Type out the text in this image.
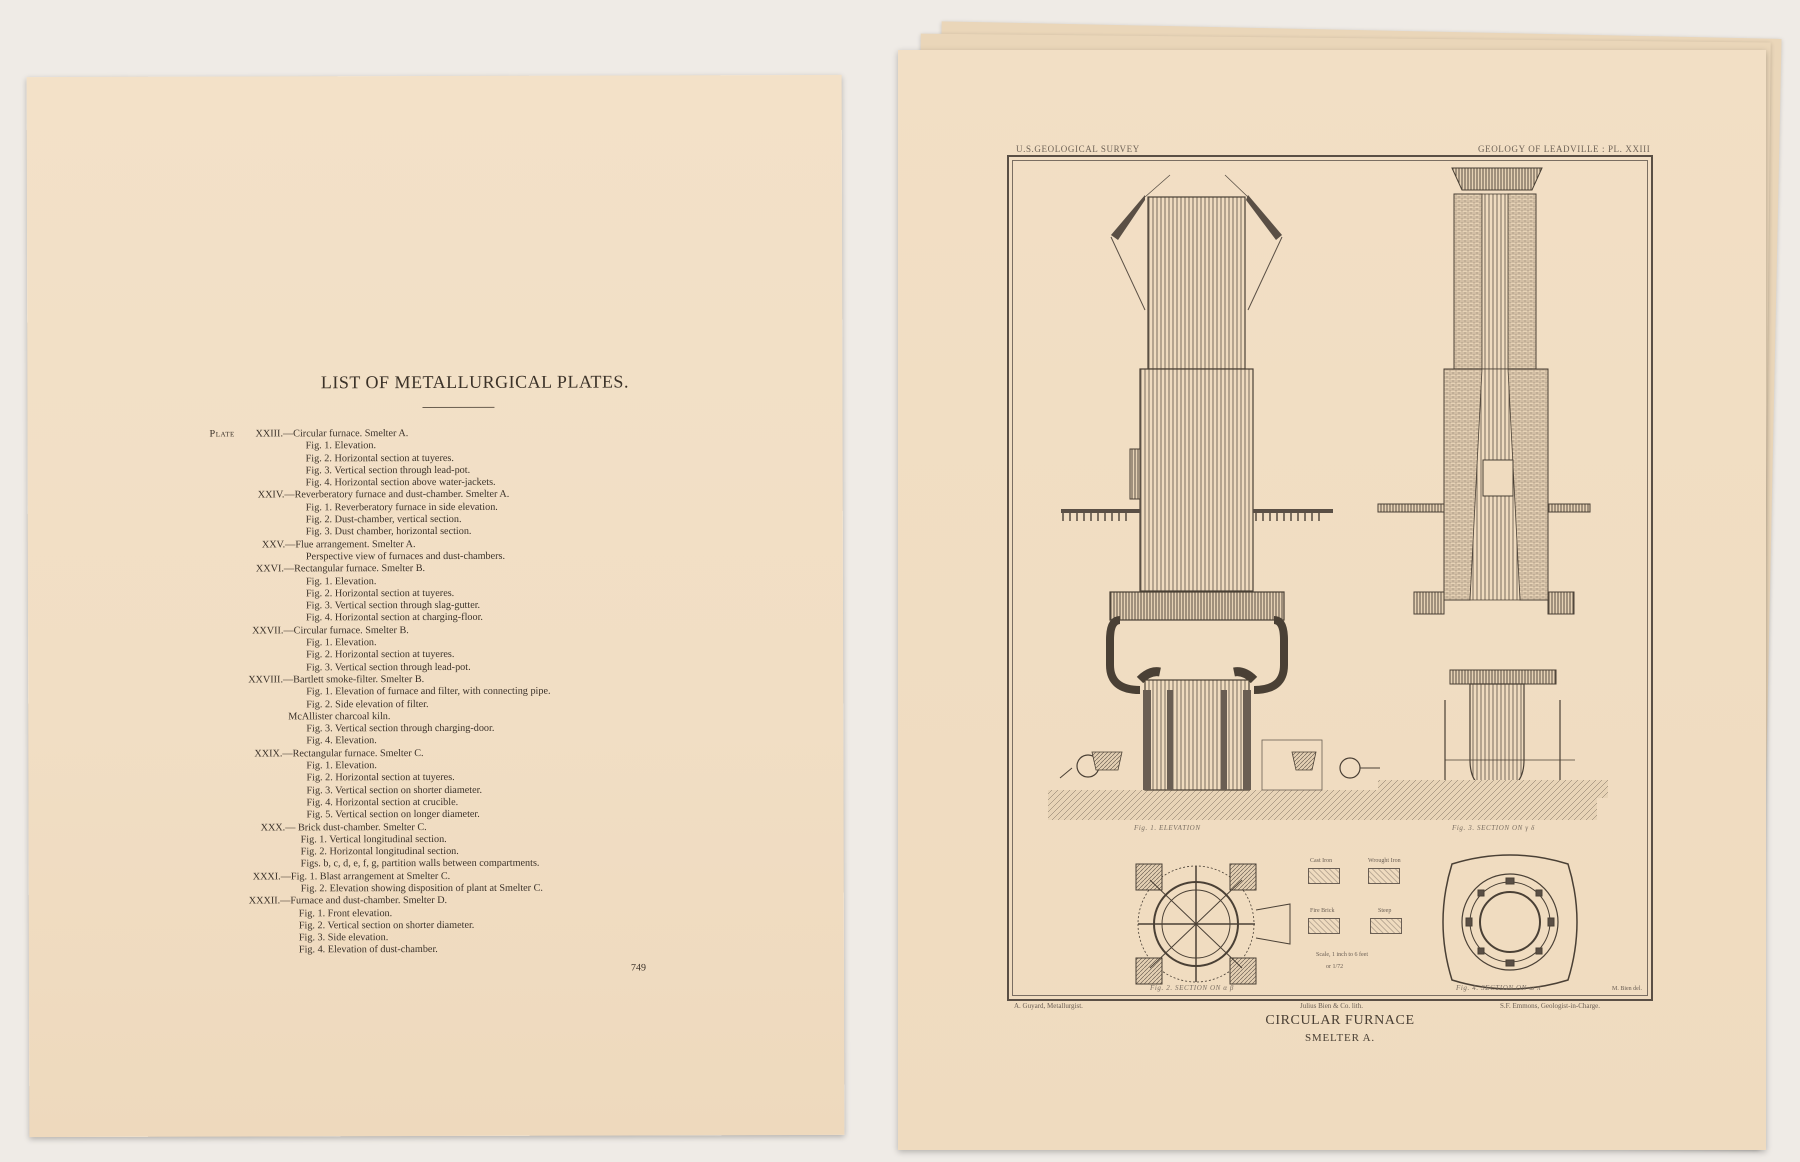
LIST OF METALLURGICAL PLATES.
Plate XXIII.—Circular furnace. Smelter A.
Fig. 1. Elevation.
Fig. 2. Horizontal section at tuyeres.
Fig. 3. Vertical section through lead-pot.
Fig. 4. Horizontal section above water-jackets.
XXIV.—Reverberatory furnace and dust-chamber. Smelter A.
Fig. 1. Reverberatory furnace in side elevation.
Fig. 2. Dust-chamber, vertical section.
Fig. 3. Dust chamber, horizontal section.
XXV.—Flue arrangement. Smelter A.
Perspective view of furnaces and dust-chambers.
XXVI.—Rectangular furnace. Smelter B.
Fig. 1. Elevation.
Fig. 2. Horizontal section at tuyeres.
Fig. 3. Vertical section through slag-gutter.
Fig. 4. Horizontal section at charging-floor.
XXVII.—Circular furnace. Smelter B.
Fig. 1. Elevation.
Fig. 2. Horizontal section at tuyeres.
Fig. 3. Vertical section through lead-pot.
XXVIII.—Bartlett smoke-filter. Smelter B.
Fig. 1. Elevation of furnace and filter, with connecting pipe.
Fig. 2. Side elevation of filter.
McAllister charcoal kiln.
Fig. 3. Vertical section through charging-door.
Fig. 4. Elevation.
XXIX.—Rectangular furnace. Smelter C.
Fig. 1. Elevation.
Fig. 2. Horizontal section at tuyeres.
Fig. 3. Vertical section on shorter diameter.
Fig. 4. Horizontal section at crucible.
Fig. 5. Vertical section on longer diameter.
XXX.— Brick dust-chamber. Smelter C.
Fig. 1. Vertical longitudinal section.
Fig. 2. Horizontal longitudinal section.
Figs. b, c, d, e, f, g, partition walls between compartments.
XXXI.—Fig. 1. Blast arrangement at Smelter C.
Fig. 2. Elevation showing disposition of plant at Smelter C.
XXXII.—Furnace and dust-chamber. Smelter D.
Fig. 1. Front elevation.
Fig. 2. Vertical section on shorter diameter.
Fig. 3. Side elevation.
Fig. 4. Elevation of dust-chamber.
749
U.S.GEOLOGICAL SURVEY	GEOLOGY OF LEADVILLE : PL. XXIII
Fig. 1. ELEVATION	Fig. 3. SECTION ON γ δ
Fig. 2. SECTION ON α β	Fig. 4. SECTION ON ω π
Cast Iron	Wrought Iron
Fire Brick	Steep
Scale, 1 inch to 6 feet
or 1/72
M. Bien del.
A. Guyard, Metallurgist.	Julius Bien & Co. lith.	S.F. Emmons, Geologist-in-Charge.
CIRCULAR FURNACE
SMELTER A.
